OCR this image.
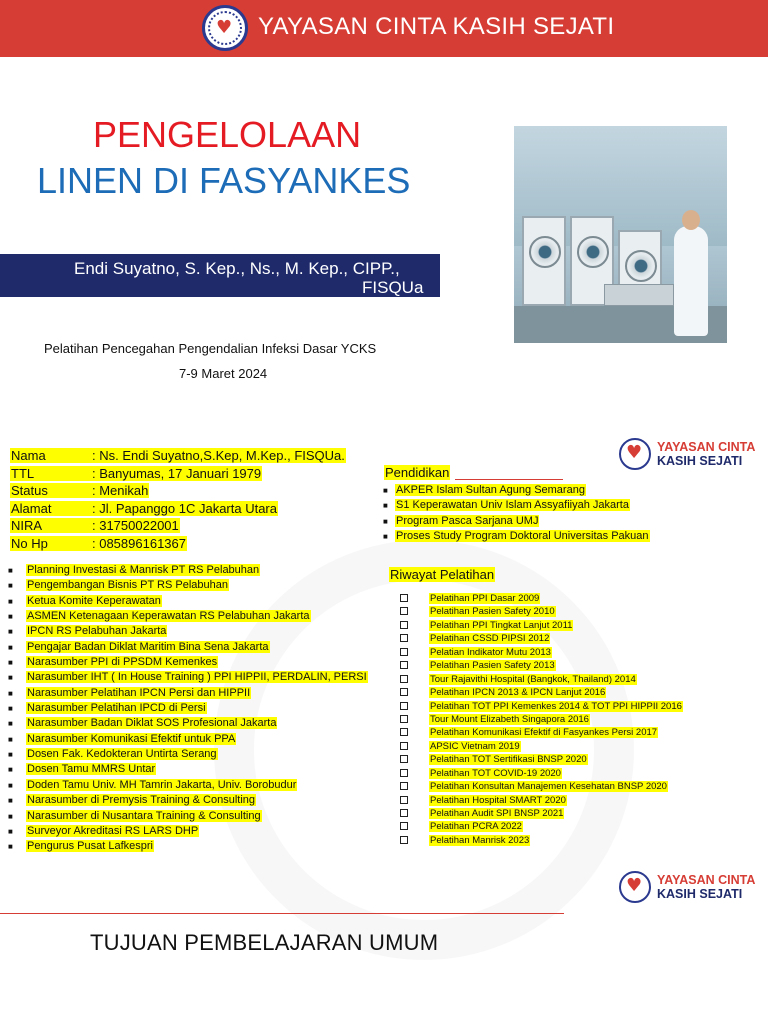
♥ YAYASAN CINTA KASIH SEJATI
PENGELOLAAN
LINEN DI FASYANKES
Endi Suyatno, S. Kep., Ns., M. Kep., CIPP.,
FISQUa
Pelatihan Pencegahan Pengendalian Infeksi Dasar YCKS
7-9 Maret 2024
Nama	: Ns. Endi Suyatno,S.Kep, M.Kep., FISQUa.
TTL	: Banyumas, 17 Januari 1979
Status	: Menikah
Alamat	: Jl. Papanggo 1C Jakarta Utara
NIRA	: 31750022001
No Hp	: 085896161367
■ Planning Investasi & Manrisk PT RS Pelabuhan
■ Pengembangan Bisnis PT RS Pelabuhan
■ Ketua Komite Keperawatan
■ ASMEN Ketenagaan Keperawatan RS Pelabuhan Jakarta
■ IPCN RS Pelabuhan Jakarta
■ Pengajar Badan Diklat Maritim Bina Sena Jakarta
■ Narasumber PPI di PPSDM Kemenkes
■ Narasumber IHT ( In House Training ) PPI HIPPII, PERDALIN, PERSI
■ Narasumber Pelatihan IPCN Persi dan HIPPII
■ Narasumber Pelatihan IPCD di Persi
■ Narasumber Badan Diklat SOS Profesional Jakarta
■ Narasumber Komunikasi Efektif untuk PPA
■ Dosen Fak. Kedokteran Untirta Serang
■ Dosen Tamu MMRS Untar
■ Doden Tamu Univ. MH Tamrin Jakarta, Univ. Borobudur
■ Narasumber di Premysis Training & Consulting
■ Narasumber di Nusantara Training & Consulting
■ Surveyor Akreditasi RS LARS DHP
■ Pengurus Pusat Lafkespri
♥ YAYASAN CINTA
KASIH SEJATI
Pendidikan
■ AKPER Islam Sultan Agung Semarang
■ S1 Keperawatan Univ Islam Assyafiiyah Jakarta
■ Program Pasca Sarjana UMJ
■ Proses Study Program Doktoral Universitas Pakuan
Riwayat Pelatihan
Pelatihan PPI Dasar 2009
Pelatihan Pasien Safety 2010
Pelatihan PPI Tingkat Lanjut 2011
Pelatihan CSSD PIPSI 2012
Pelatian Indikator Mutu 2013
Pelatihan Pasien Safety 2013
Tour Rajavithi Hospital (Bangkok, Thailand) 2014
Pelatihan IPCN 2013 & IPCN Lanjut 2016
Pelatihan TOT PPI Kemenkes 2014 & TOT PPI HIPPII 2016
Tour Mount Elizabeth Singapora 2016
Pelatihan Komunikasi Efektif di Fasyankes Persi 2017
APSIC Vietnam 2019
Pelatihan TOT Sertifikasi BNSP 2020
Pelatihan TOT COVID-19 2020
Pelatihan Konsultan Manajemen Kesehatan BNSP 2020
Pelatihan Hospital SMART 2020
Pelatihan Audit SPI BNSP 2021
Pelatihan PCRA 2022
Pelatihan Manrisk 2023
♥ YAYASAN CINTA
KASIH SEJATI
TUJUAN PEMBELAJARAN UMUM
